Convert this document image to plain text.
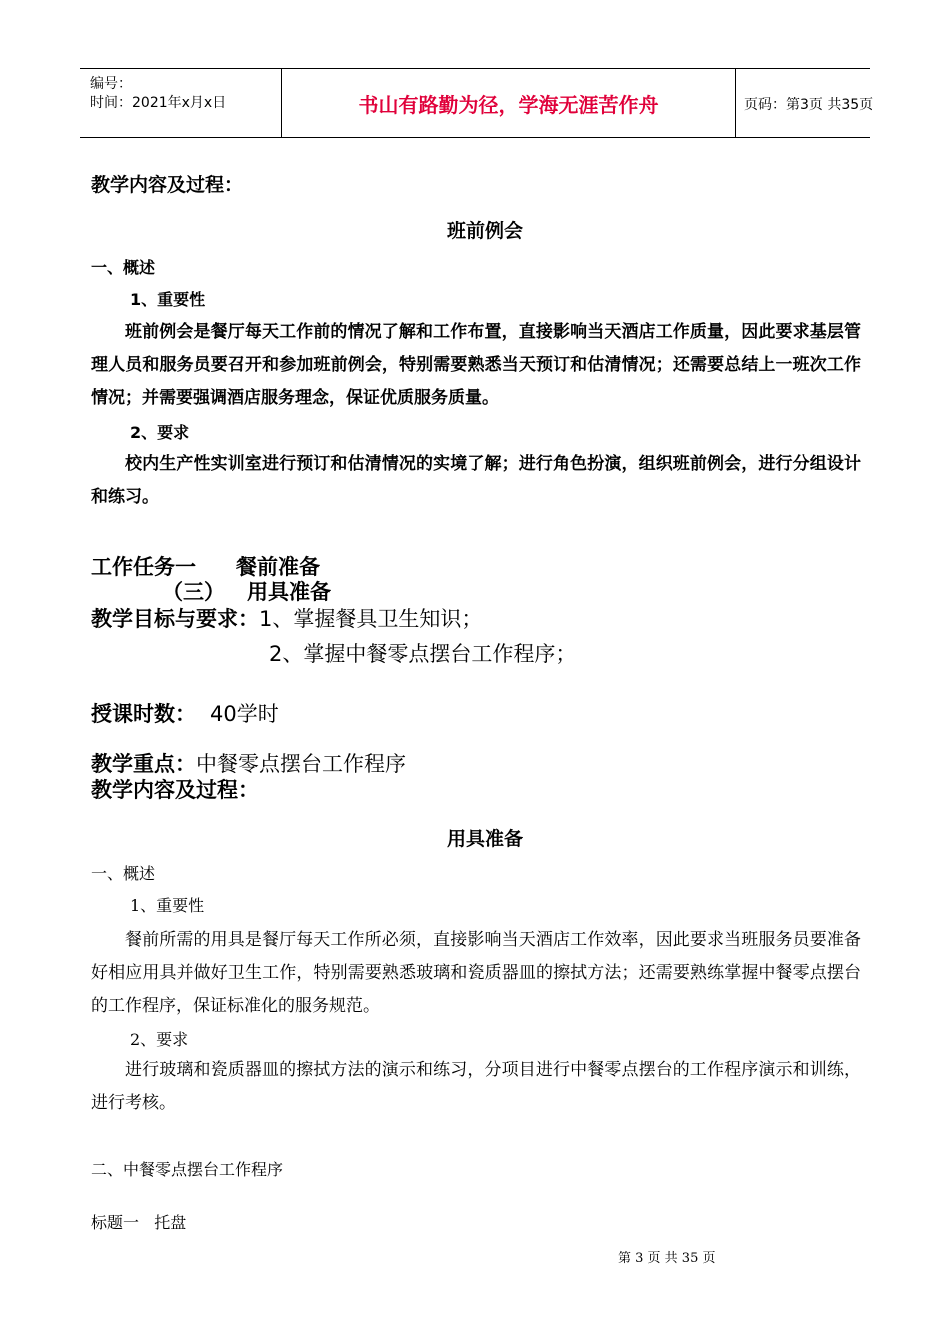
编号：
时间：2021年x月x日	书山有路勤为径，学海无涯苦作舟	页码：第3页 共35页
教学内容及过程：
班前例会
一、概述
1、重要性
班前例会是餐厅每天工作前的情况了解和工作布置，直接影响当天酒店工作质量，因此要求基层管理人员和服务员要召开和参加班前例会，特别需要熟悉当天预订和估清情况；还需要总结上一班次工作情况；并需要强调酒店服务理念，保证优质服务质量。
2、要求
校内生产性实训室进行预订和估清情况的实境了解；进行角色扮演，组织班前例会，进行分组设计和练习。
工作任务一 餐前准备
（三） 用具准备
教学目标与要求：1、掌握餐具卫生知识；
2、掌握中餐零点摆台工作程序；
授课时数： 40学时
教学重点：中餐零点摆台工作程序
教学内容及过程：
用具准备
一、概述
1、重要性
餐前所需的用具是餐厅每天工作所必须，直接影响当天酒店工作效率，因此要求当班服务员要准备好相应用具并做好卫生工作，特别需要熟悉玻璃和瓷质器皿的擦拭方法；还需要熟练掌握中餐零点摆台的工作程序，保证标准化的服务规范。
2、要求
进行玻璃和瓷质器皿的擦拭方法的演示和练习，分项目进行中餐零点摆台的工作程序演示和训练，进行考核。
二、中餐零点摆台工作程序
标题一   托盘
第 3 页 共 35 页
